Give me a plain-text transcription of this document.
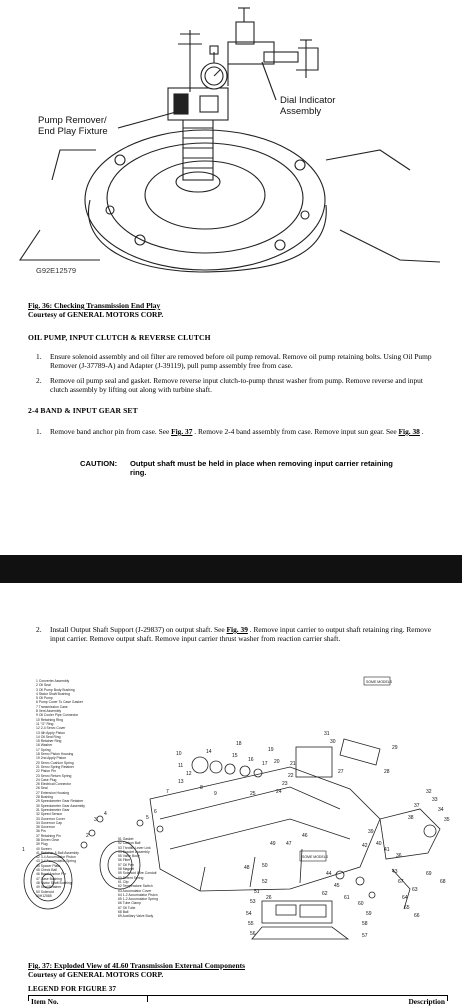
Pump Remover/
End Play Fixture
Dial Indicator
Assembly
G92E12579
Fig. 36: Checking Transmission End Play
Courtesy of GENERAL MOTORS CORP.
OIL PUMP, INPUT CLUTCH & REVERSE CLUTCH
1. Ensure solenoid assembly and oil filter are removed before oil pump removal. Remove oil pump retaining bolts. Using Oil Pump Remover (J-37789-A) and Adapter (J-39119), pull pump assembly free from case.
2. Remove oil pump seal and gasket. Remove reverse input clutch-to-pump thrust washer from pump. Remove reverse and input clutch assembly by lifting out along with turbine shaft.
2-4 BAND & INPUT GEAR SET
1. Remove band anchor pin from case. See Fig. 37 . Remove 2-4 band assembly from case. Remove input sun gear. See Fig. 38 .
CAUTION: Output shaft must be held in place when removing input carrier retaining ring.
2. Install Output Shaft Support (J-29837) on output shaft. See Fig. 39 . Remove input carrier to output shaft retaining ring. Remove input carrier. Remove output shaft. Remove input carrier thrust washer from reaction carrier shaft.
SOME MODELS
SOME MODELS
10
11
12
13
14
15
16
17
18
19
20 21
22
23
24
25
26
27	28
29
30
31
32
33
34
35
36
37
38
39
40
41
42
43
44
45
46
47
48
49
50
51
52
53
54
55
56	57
58
59
60
61
62
63
64
65
66
67	68
69
1
2
3
4
5
6
7
8
9
1 Converter Assembly
2 Oil Seal
3 Oil Pump Body Bushing
4 Stator Shaft Bushing
5 Oil Pump
6 Pump Cover To Case Gasket
7 Transmission Case
8 Vent Assembly
9 Oil Cooler Pipe Connector
10 Retaining Ring
11 "O" Ring
12 2-4 Servo Cover
13 4th Apply Piston
14 Oil Seal Ring
15 Retainer Ring
16 Washer
17 Spring
18 Servo Piston Housing
19 2nd Apply Piston
20 Servo Cushion Spring
21 Servo Spring Retainer
22 Piston Pin
23 Servo Return Spring
24 Case Plug
25 Electrical Connector
26 Seal
27 Extension Housing
28 Bushing
29 Speedometer Gear Retainer
30 Speedometer Gear Assembly
31 Speedometer Gear
32 Speed Sensor
33 Governor Cover
34 Governor Cap
35 Governor
36 Pin
37 Retaining Pin
38 Driven Gear
39 Plug
40 Screen
41 Retainer & Ball Assembly
42 3-4 Accumulator Piston
43 3-4 Accumulator Spring
44 Spacer Plate
45 Check Ball
46 Band Anchor Pin
47 Case Bushing
48 Stator Shaft Bushing
49 Seal Retainer
50 Solenoid
90H12585
51 Gasket
52 Carbon Ball
53 Throttle Lever Link
54 Bracket Assembly
55 Valve Body
56 Filter
57 Oil Pan
58 Magnet
59 Solenoid Wire Conduit
60 Detent Spring
61 Clip
62 Temperature Switch
63 Accumulator Cover
64 1-2 Accumulator Piston
65 1-2 Accumulator Spring
66 Tube Clamp
67 Oil Tube
68 Ball
69 Auxiliary Valve Body
Fig. 37: Exploded View of 4L60 Transmission External Components
Courtesy of GENERAL MOTORS CORP.
LEGEND FOR FIGURE 37
Item No.	Description
